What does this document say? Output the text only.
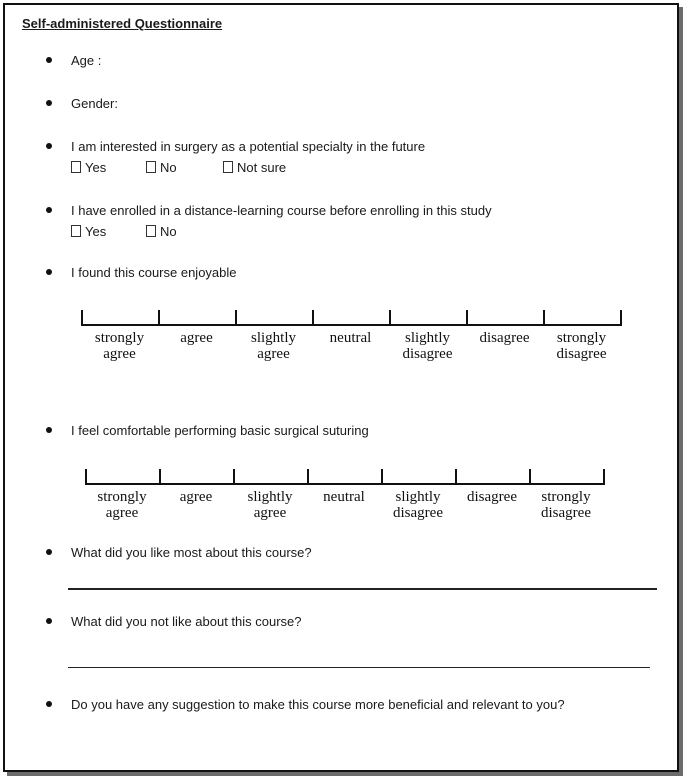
Self-administered Questionnaire
Age :
Gender:
I am interested in surgery as a potential specialty in the future
Yes	No	Not sure
I have enrolled in a distance-learning course before enrolling in this study
Yes	No
I found this course enjoyable
I feel comfortable performing basic surgical suturing
What did you like most about this course?
What did you not like about this course?
Do you have any suggestion to make this course more beneficial and relevant to you?
strongly
agree
agree	slightly
agree
neutral	slightly
disagree
disagree	strongly
disagree
strongly
agree
agree	slightly
agree
neutral	slightly
disagree
disagree	strongly
disagree
